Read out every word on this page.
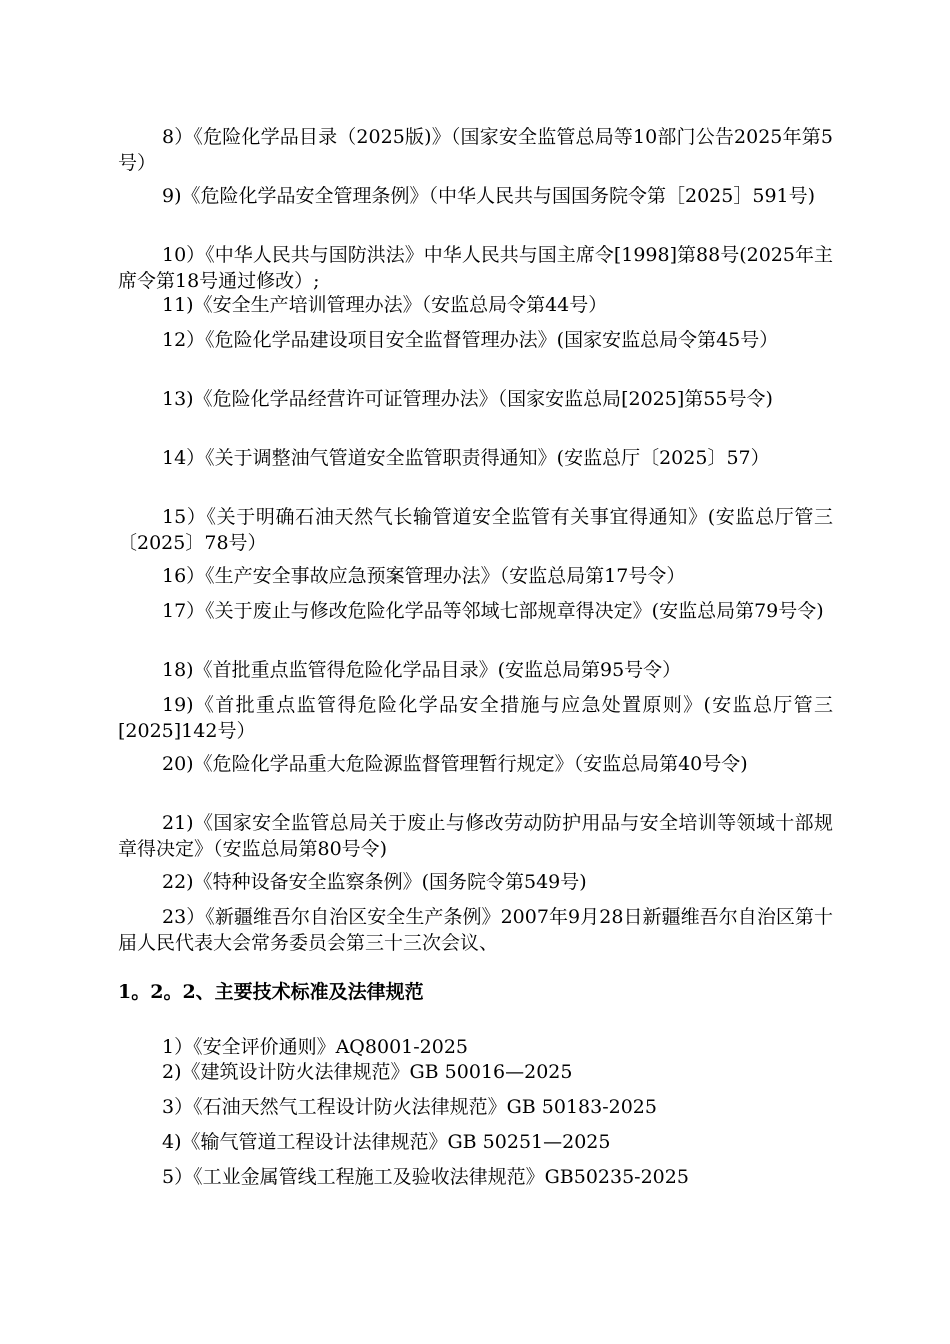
8）《危险化学品目录（2025版)》（国家安全监管总局等10部门公告2025年第5号）

9)《危险化学品安全管理条例》（中华人民共与国国务院令第［2025］591号)

10）《中华人民共与国防洪法》中华人民共与国主席令[1998]第88号(2025年主席令第18号通过修改）;

11)《安全生产培训管理办法》（安监总局令第44号）

12）《危险化学品建设项目安全监督管理办法》(国家安监总局令第45号）

13)《危险化学品经营许可证管理办法》（国家安监总局[2025]第55号令)

14）《关于调整油气管道安全监管职责得通知》(安监总厅〔2025〕57）

15）《关于明确石油天然气长输管道安全监管有关事宜得通知》(安监总厅管三〔2025〕78号）

16）《生产安全事故应急预案管理办法》（安监总局第17号令）

17）《关于废止与修改危险化学品等邻域七部规章得决定》(安监总局第79号令)

18)《首批重点监管得危险化学品目录》(安监总局第95号令）

19)《首批重点监管得危险化学品安全措施与应急处置原则》(安监总厅管三[2025]142号）

20)《危险化学品重大危险源监督管理暂行规定》（安监总局第40号令)

21)《国家安全监管总局关于废止与修改劳动防护用品与安全培训等领域十部规章得决定》（安监总局第80号令)

22)《特种设备安全监察条例》(国务院令第549号)

23）《新疆维吾尔自治区安全生产条例》2007年9月28日新疆维吾尔自治区第十届人民代表大会常务委员会第三十三次会议、

1。2。2、主要技术标准及法律规范

1）《安全评价通则》AQ8001-2025

2)《建筑设计防火法律规范》GB 50016—2025

3）《石油天然气工程设计防火法律规范》GB 50183-2025

4)《输气管道工程设计法律规范》GB 50251—2025

5）《工业金属管线工程施工及验收法律规范》GB50235-2025
